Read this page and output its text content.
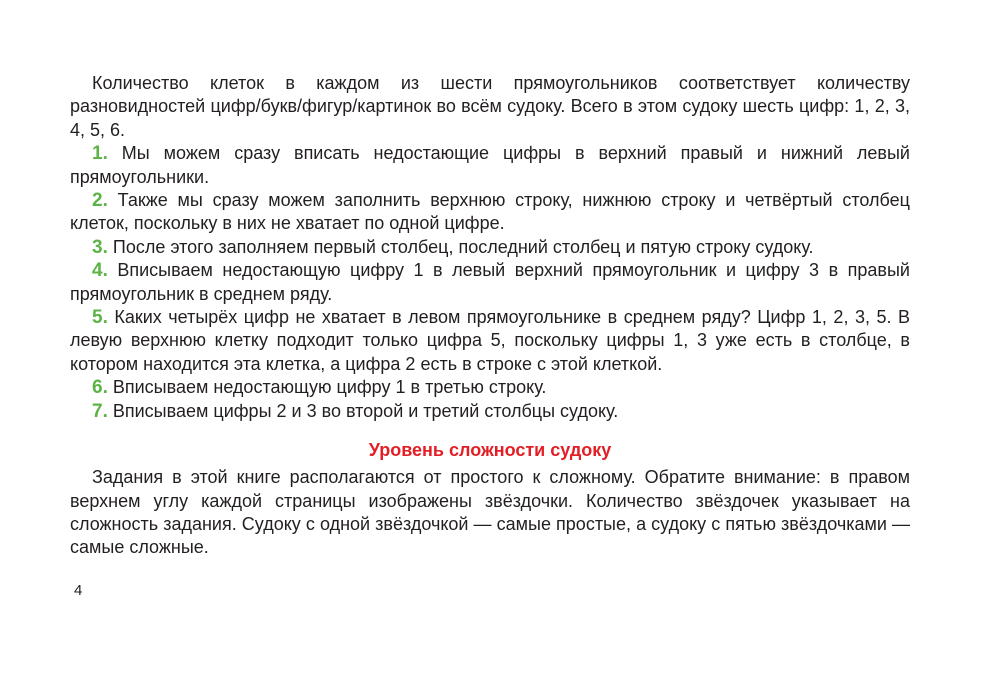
Количество клеток в каждом из шести прямоугольников соответствует количеству разновидностей цифр/букв/фигур/картинок во всём судоку. Всего в этом судоку шесть цифр: 1, 2, 3, 4, 5, 6.

1. Мы можем сразу вписать недостающие цифры в верхний правый и нижний левый прямоугольники.

2. Также мы сразу можем заполнить верхнюю строку, нижнюю строку и четвёртый столбец клеток, поскольку в них не хватает по одной цифре.

3. После этого заполняем первый столбец, последний столбец и пятую строку судоку.

4. Вписываем недостающую цифру 1 в левый верхний прямоугольник и цифру 3 в правый прямоугольник в среднем ряду.

5. Каких четырёх цифр не хватает в левом прямоугольнике в среднем ряду? Цифр 1, 2, 3, 5. В левую верхнюю клетку подходит только цифра 5, поскольку цифры 1, 3 уже есть в столбце, в котором находится эта клетка, а цифра 2 есть в строке с этой клеткой.

6. Вписываем недостающую цифру 1 в третью строку.

7. Вписываем цифры 2 и 3 во второй и третий столбцы судоку.

Уровень сложности судоку

Задания в этой книге располагаются от простого к сложному. Обратите внимание: в правом верхнем углу каждой страницы изображены звёздочки. Количество звёздочек указывает на сложность задания. Судоку с одной звёздочкой — самые простые, а судоку с пятью звёздочками — самые сложные.

4
